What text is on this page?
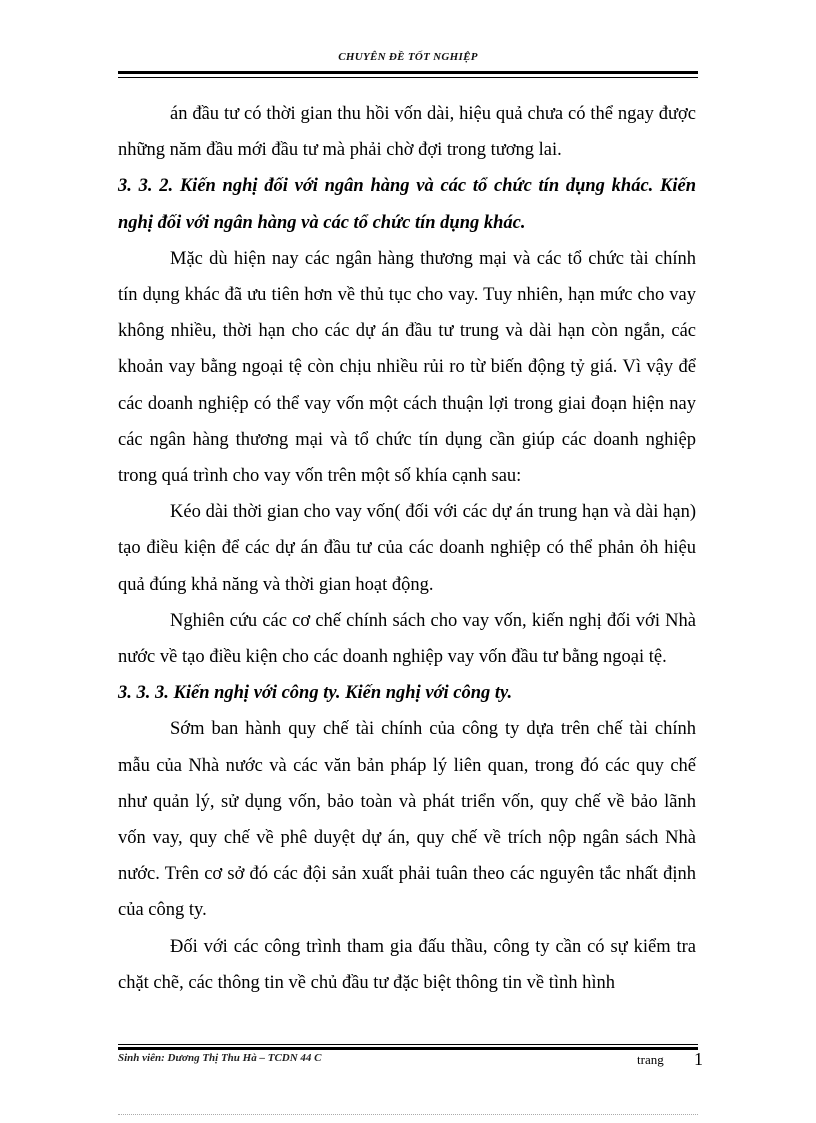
CHUYÊN ĐỀ TỐT NGHIỆP

án đầu tư có thời gian thu hồi vốn dài, hiệu quả chưa có thể ngay được những năm đầu mới đầu tư mà phải chờ đợi trong tương lai.

3. 3. 2. Kiến nghị đối với ngân hàng và các tổ chức tín dụng khác. Kiến nghị đối với ngân hàng và các tổ chức tín dụng khác.

Mặc dù hiện nay các ngân hàng thương mại và các tổ chức tài chính tín dụng khác đã ưu tiên hơn về thủ tục cho vay. Tuy nhiên, hạn mức cho vay không nhiều, thời hạn cho các dự án đầu tư trung và dài hạn còn ngắn, các khoản vay bằng ngoại tệ còn chịu nhiều rủi ro từ biến động tỷ giá. Vì vậy để các doanh nghiệp có thể vay vốn một cách thuận lợi trong giai đoạn hiện nay các ngân hàng thương mại và tổ chức tín dụng cần giúp các doanh nghiệp trong quá trình cho vay vốn trên một số khía cạnh sau:

Kéo dài thời gian cho vay vốn( đối với các dự án trung hạn và dài hạn) tạo điều kiện để các dự án đầu tư của các doanh nghiệp có thể phản ỏh hiệu quả đúng khả năng và thời gian hoạt động.

Nghiên cứu các cơ chế chính sách cho vay vốn, kiến nghị đối với Nhà nước về tạo điều kiện cho các doanh nghiệp vay vốn đầu tư bằng ngoại tệ.

3. 3. 3. Kiến nghị với công ty. Kiến nghị với công ty.

Sớm ban hành quy chế tài chính của công ty dựa trên chế tài chính mẫu của Nhà nước và các văn bản pháp lý liên quan, trong đó các quy chế như quản lý, sử dụng vốn, bảo toàn và phát triển vốn, quy chế về bảo lãnh vốn vay, quy chế về phê duyệt dự án, quy chế về trích nộp ngân sách Nhà nước. Trên cơ sở đó các đội sản xuất phải tuân theo các nguyên tắc nhất định của công ty.

Đối với các công trình tham gia đấu thầu, công ty cần có sự kiểm tra chặt chẽ, các thông tin về chủ đầu tư đặc biệt thông tin về tình hình

Sinh viên: Dương Thị Thu Hà – TCDN 44 C	trang 1
